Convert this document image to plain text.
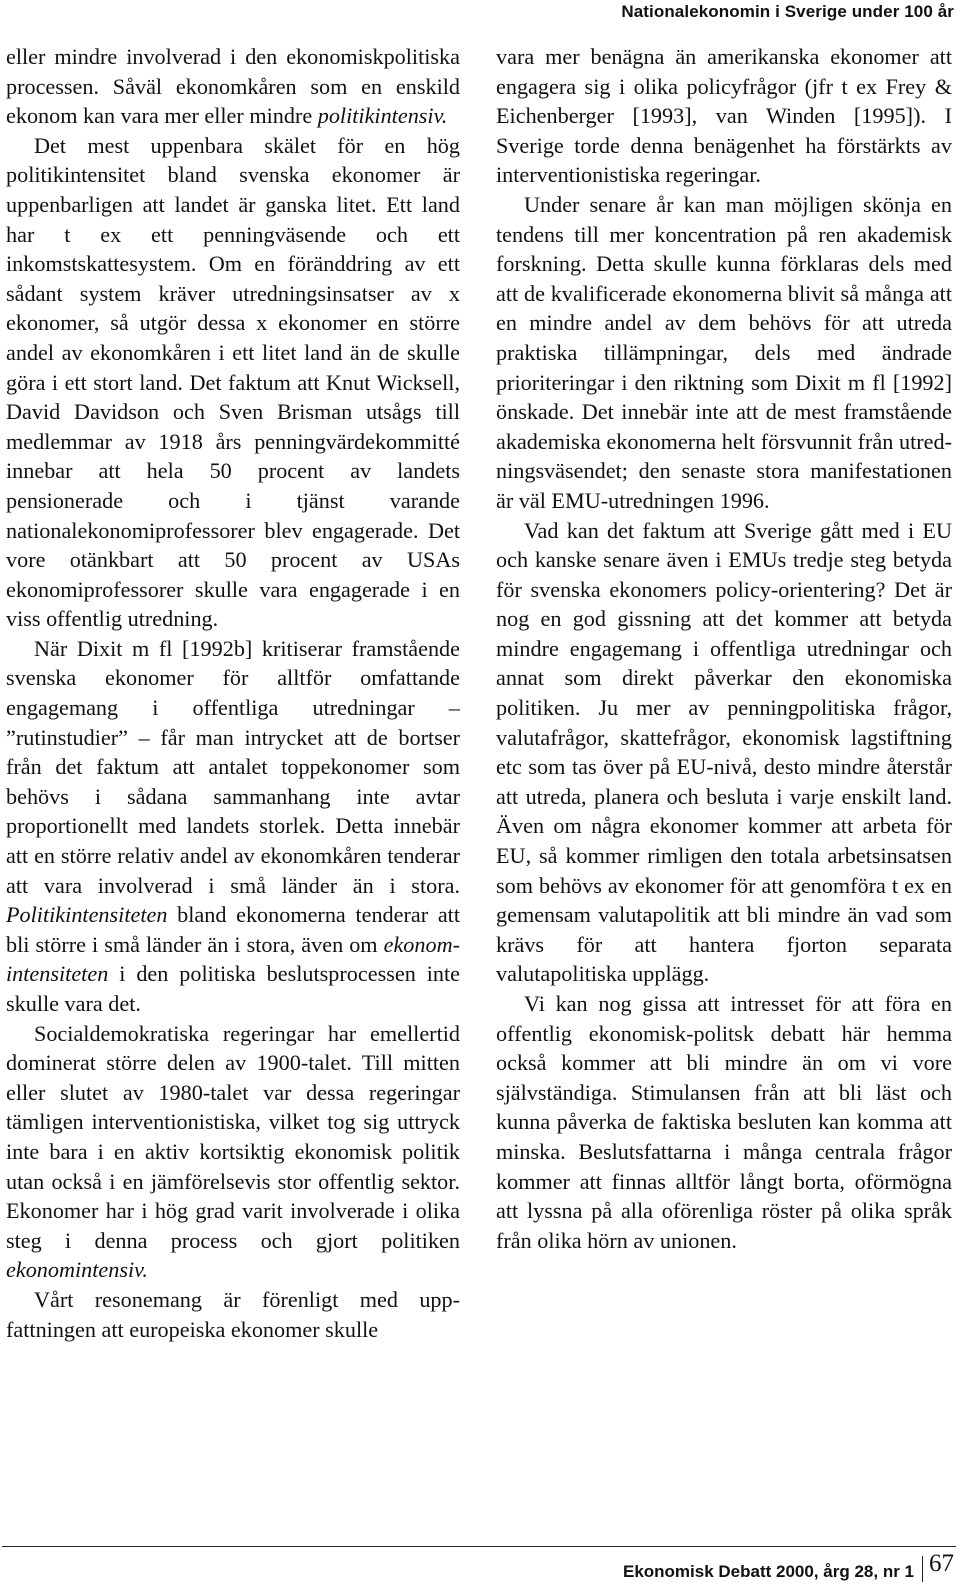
Nationalekonomin i Sverige under 100 år

eller mindre involverad i den ekonomiskpolitiska processen. Såväl ekonomkåren som en enskild ekonom kan vara mer eller mindre politikintensiv.

Det mest uppenbara skälet för en hög politikintensitet bland svenska ekonomer är uppenbarligen att landet är ganska litet. Ett land har t ex ett penningväsende och ett inkomstskattesystem. Om en föränddring av ett sådant system kräver utredningsinsatser av x ekonomer, så utgör dessa x ekonomer en större andel av ekonomkåren i ett litet land än de skulle göra i ett stort land. Det faktum att Knut Wicksell, David Davidson och Sven Brisman utsågs till medlemmar av 1918 års penningvärdekommitté innebar att hela 50 procent av landets pensionerade och i tjänst varande nationalekonomiprofessorer blev engagerade. Det vore otänkbart att 50 procent av USAs ekonomiprofessorer skulle vara engagerade i en viss offentlig utredning.

När Dixit m fl [1992b] kritiserar framstående svenska ekonomer för alltför omfattande engagemang i offentliga utredningar – ”rutinstudier” – får man intrycket att de bortser från det faktum att antalet toppekonomer som behövs i sådana sammanhang inte avtar proportionellt med landets storlek. Detta innebär att en större relativ andel av ekonomkåren tenderar att vara involverad i små länder än i stora. Politikintensiteten bland ekonomerna tenderar att bli större i små länder än i stora, även om ekonom-intensiteten i den politiska beslutsprocessen inte skulle vara det.

Socialdemokratiska regeringar har emellertid dominerat större delen av 1900-talet. Till mitten eller slutet av 1980-talet var dessa regeringar tämligen interventionistiska, vilket tog sig uttryck inte bara i en aktiv kortsiktig ekonomisk politik utan också i en jämförelsevis stor offentlig sektor. Ekonomer har i hög grad varit involverade i olika steg i denna process och gjort politiken ekonomintensiv.

Vårt resonemang är förenligt med uppfattningen att europeiska ekonomer skulle

vara mer benägna än amerikanska ekonomer att engagera sig i olika policyfrågor (jfr t ex Frey & Eichenberger [1993], van Winden [1995]). I Sverige torde denna benägenhet ha förstärkts av interventionistiska regeringar.

Under senare år kan man möjligen skönja en tendens till mer koncentration på ren akademisk forskning. Detta skulle kunna förklaras dels med att de kvalificerade ekonomerna blivit så många att en mindre andel av dem behövs för att utreda praktiska tillämpningar, dels med ändrade prioriteringar i den riktning som Dixit m fl [1992] önskade. Det innebär inte att de mest framstående akademiska ekonomerna helt försvunnit från utredningsväsendet; den senaste stora manifestationen är väl EMU-utredningen 1996.

Vad kan det faktum att Sverige gått med i EU och kanske senare även i EMUs tredje steg betyda för svenska ekonomers policy-orientering? Det är nog en god gissning att det kommer att betyda mindre engagemang i offentliga utredningar och annat som direkt påverkar den ekonomiska politiken. Ju mer av penningpolitiska frågor, valutafrågor, skattefrågor, ekonomisk lagstiftning etc som tas över på EU-nivå, desto mindre återstår att utreda, planera och besluta i varje enskilt land. Även om några ekonomer kommer att arbeta för EU, så kommer rimligen den totala arbetsinsatsen som behövs av ekonomer för att genomföra t ex en gemensam valutapolitik att bli mindre än vad som krävs för att hantera fjorton separata valutapolitiska upplägg.

Vi kan nog gissa att intresset för att föra en offentlig ekonomisk-politsk debatt här hemma också kommer att bli mindre än om vi vore självständiga. Stimulansen från att bli läst och kunna påverka de faktiska besluten kan komma att minska. Beslutsfattarna i många centrala frågor kommer att finnas alltför långt borta, oförmögna att lyssna på alla oförenliga röster på olika språk från olika hörn av unionen.

Ekonomisk Debatt 2000, årg 28, nr 1 67
